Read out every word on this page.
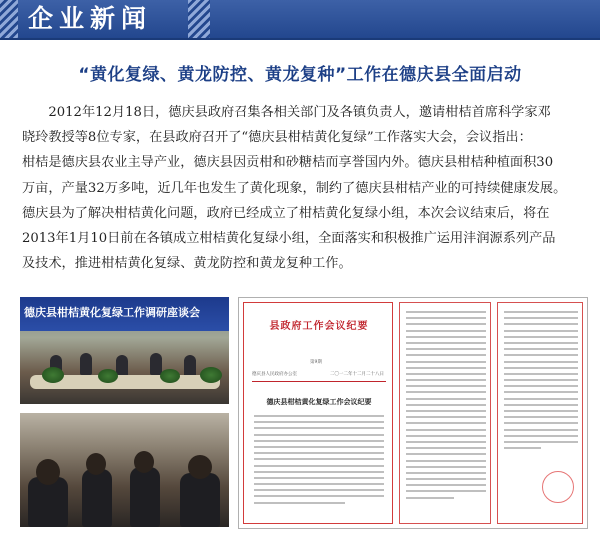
企业新闻
“黄化复绿、黄龙防控、黄龙复种”工作在德庆县全面启动

2012年12月18日，德庆县政府召集各相关部门及各镇负责人，邀请柑桔首席科学家邓
晓玲教授等8位专家，在县政府召开了“德庆县柑桔黄化复绿”工作落实大会，会议指出：
柑桔是德庆县农业主导产业，德庆县因贡柑和砂糖桔而享誉国内外。德庆县柑桔种植面积30
万亩，产量32万多吨，近几年也发生了黄化现象，制约了德庆县柑桔产业的可持续健康发展。
德庆县为了解决柑桔黄化问题，政府已经成立了柑桔黄化复绿小组，本次会议结束后，将在
2013年1月10日前在各镇成立柑桔黄化复绿小组，全面落实和积极推广运用沣润源系列产品
及技术，推进柑桔黄化复绿、黄龙防控和黄龙复种工作。

德庆县柑桔黄化复绿工作调研座谈会
县政府工作会议纪要
第9期
德庆县人民政府办公室	二〇一二年十二月二十八日
德庆县柑桔黄化复绿工作会议纪要
